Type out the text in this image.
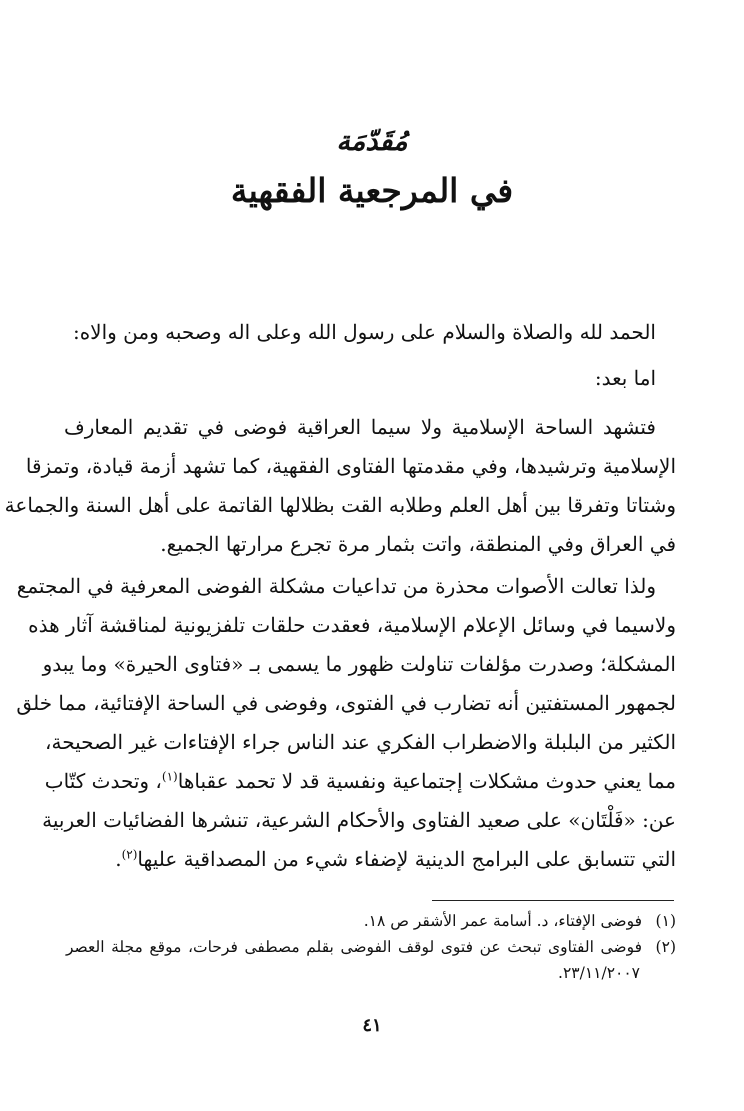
مُقَدّمَة
في المرجعية الفقهية
الحمد لله والصلاة والسلام على رسول الله وعلى اله وصحبه ومن والاه:
اما بعد:
فتشهد الساحة الإسلامية ولا سيما العراقية فوضى في تقديم المعارف
الإسلامية وترشيدها، وفي مقدمتها الفتاوى الفقهية، كما تشهد أزمة قيادة، وتمزقا
وشتاتا وتفرقا بين أهل العلم وطلابه القت بظلالها القاتمة على أهل السنة والجماعة
في العراق وفي المنطقة، واتت بثمار مرة تجرع مرارتها الجميع.
ولذا تعالت الأصوات محذرة من تداعيات مشكلة الفوضى المعرفية في المجتمع
ولاسيما في وسائل الإعلام الإسلامية، فعقدت حلقات تلفزيونية لمناقشة آثار هذه
المشكلة؛ وصدرت مؤلفات تناولت ظهور ما يسمى بـ «فتاوى الحيرة» وما يبدو
لجمهور المستفتين أنه تضارب في الفتوى، وفوضى في الساحة الإفتائية، مما خلق
الكثير من البلبلة والاضطراب الفكري عند الناس جراء الإفتاءات غير الصحيحة،
مما يعني حدوث مشكلات إجتماعية ونفسية قد لا تحمد عقباها$^{(١)}$، وتحدث كتّاب
عن: «فَلْتَان» على صعيد الفتاوى والأحكام الشرعية، تنشرها الفضائيات العربية
التي تتسابق على البرامج الدينية لإضفاء شيء من المصداقية عليها$^{(٢)}$.
(١)فوضى الإفتاء، د. أسامة عمر الأشقر ص ١٨.
(٢)فوضى الفتاوى تبحث عن فتوى لوقف الفوضى بقلم مصطفى فرحات، موقع مجلة العصر
٢٣/١١/٢٠٠٧.
٤١
